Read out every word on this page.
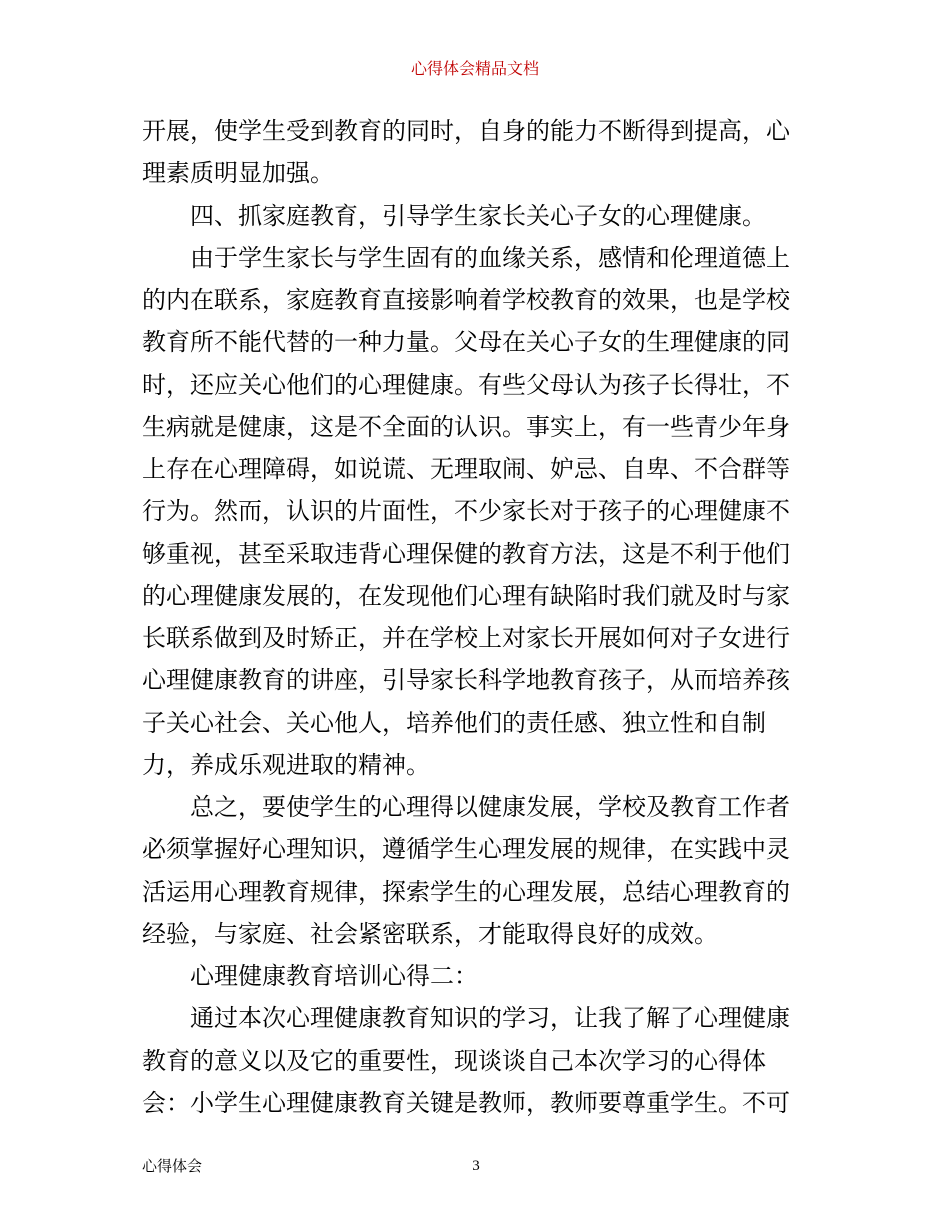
心得体会精品文档

开展，使学生受到教育的同时，自身的能力不断得到提高，心

理素质明显加强。

四、抓家庭教育，引导学生家长关心子女的心理健康。

由于学生家长与学生固有的血缘关系，感情和伦理道德上

的内在联系，家庭教育直接影响着学校教育的效果，也是学校

教育所不能代替的一种力量。父母在关心子女的生理健康的同

时，还应关心他们的心理健康。有些父母认为孩子长得壮，不

生病就是健康，这是不全面的认识。事实上，有一些青少年身

上存在心理障碍，如说谎、无理取闹、妒忌、自卑、不合群等

行为。然而，认识的片面性，不少家长对于孩子的心理健康不

够重视，甚至采取违背心理保健的教育方法，这是不利于他们

的心理健康发展的，在发现他们心理有缺陷时我们就及时与家

长联系做到及时矫正，并在学校上对家长开展如何对子女进行

心理健康教育的讲座，引导家长科学地教育孩子，从而培养孩

子关心社会、关心他人，培养他们的责任感、独立性和自制

力，养成乐观进取的精神。

总之，要使学生的心理得以健康发展，学校及教育工作者

必须掌握好心理知识，遵循学生心理发展的规律，在实践中灵

活运用心理教育规律，探索学生的心理发展，总结心理教育的

经验，与家庭、社会紧密联系，才能取得良好的成效。

心理健康教育培训心得二：

通过本次心理健康教育知识的学习，让我了解了心理健康

教育的意义以及它的重要性，现谈谈自己本次学习的心得体

会：小学生心理健康教育关键是教师，教师要尊重学生。不可

心得体会	3
